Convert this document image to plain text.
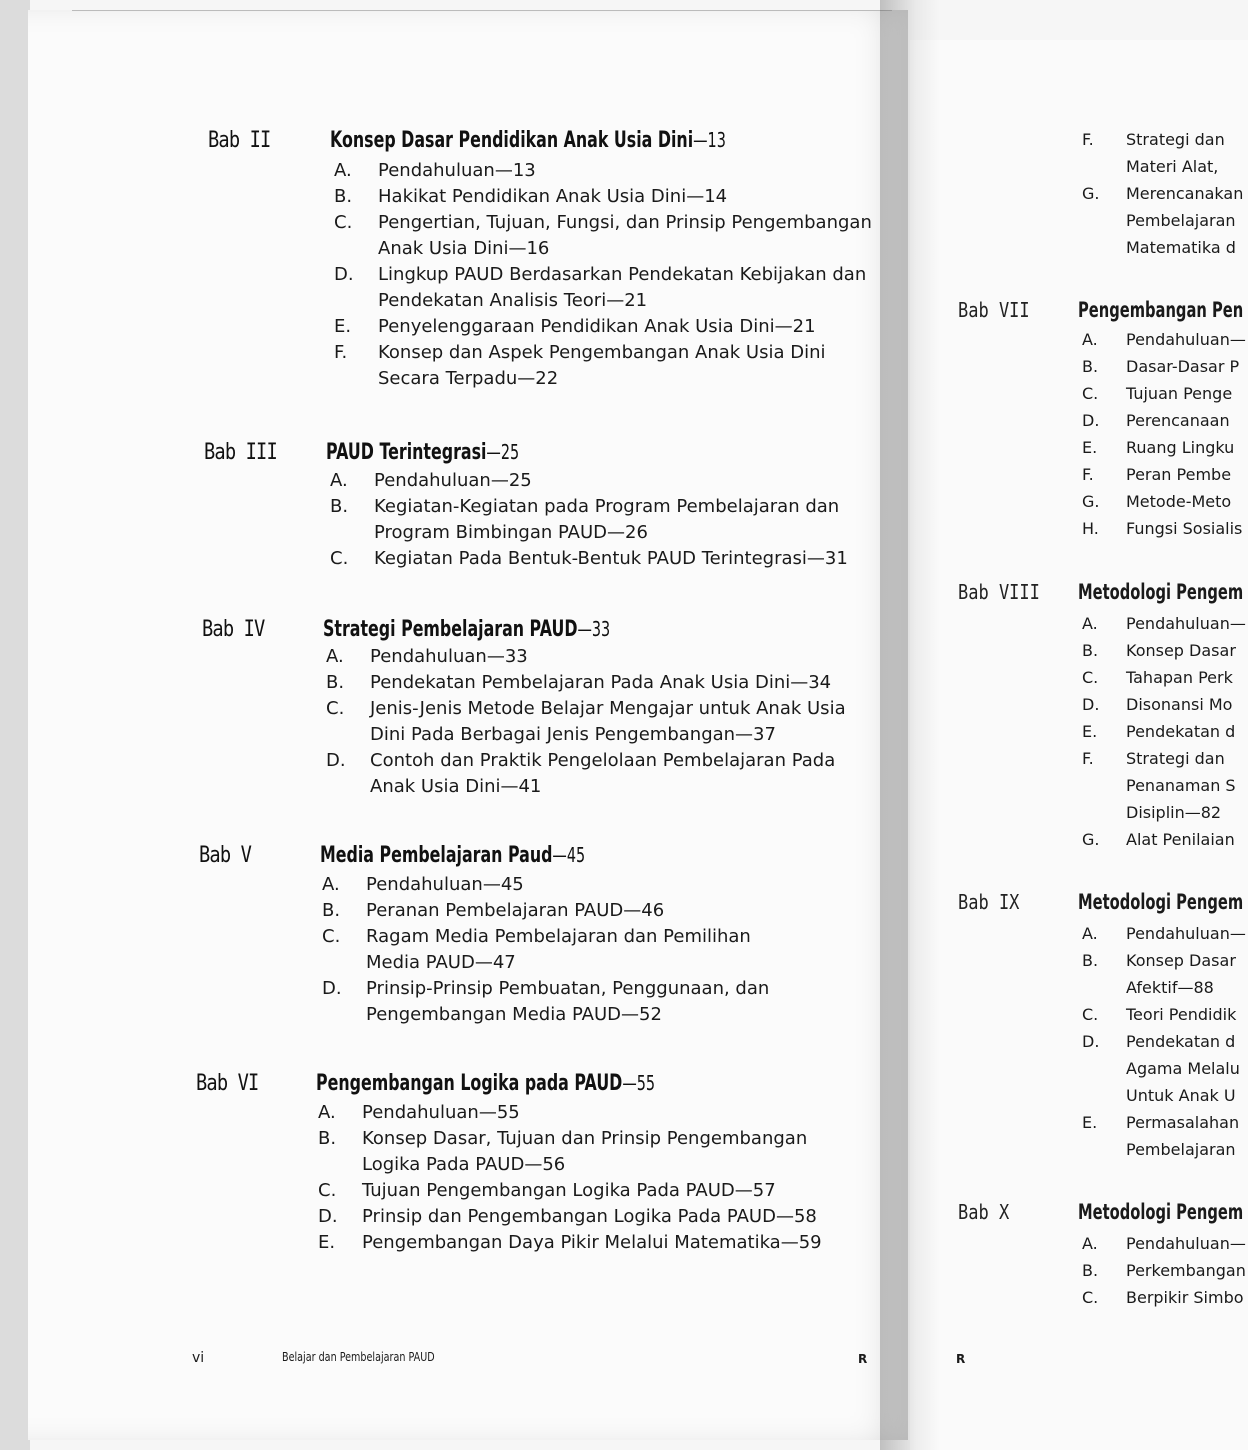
Bab II	Konsep Dasar Pendidikan Anak Usia Dini—13
A. Pendahuluan—13
B. Hakikat Pendidikan Anak Usia Dini—14
C. Pengertian, Tujuan, Fungsi, dan Prinsip Pengembangan
Anak Usia Dini—16
D. Lingkup PAUD Berdasarkan Pendekatan Kebijakan dan
Pendekatan Analisis Teori—21
E. Penyelenggaraan Pendidikan Anak Usia Dini—21
F. Konsep dan Aspek Pengembangan Anak Usia Dini
Secara Terpadu—22
Bab III PAUD Terintegrasi—25
A. Pendahuluan—25
B. Kegiatan-Kegiatan pada Program Pembelajaran dan
Program Bimbingan PAUD—26
C. Kegiatan Pada Bentuk-Bentuk PAUD Terintegrasi—31
Bab IV	Strategi Pembelajaran PAUD—33
A. Pendahuluan—33
B. Pendekatan Pembelajaran Pada Anak Usia Dini—34
C. Jenis-Jenis Metode Belajar Mengajar untuk Anak Usia
Dini Pada Berbagai Jenis Pengembangan—37
D. Contoh dan Praktik Pengelolaan Pembelajaran Pada
Anak Usia Dini—41
Bab V	Media Pembelajaran Paud—45
A. Pendahuluan—45
B. Peranan Pembelajaran PAUD—46
C. Ragam Media Pembelajaran dan Pemilihan
Media PAUD—47
D. Prinsip-Prinsip Pembuatan, Penggunaan, dan
Pengembangan Media PAUD—52
Bab VI	Pengembangan Logika pada PAUD—55
A. Pendahuluan—55
B. Konsep Dasar, Tujuan dan Prinsip Pengembangan
Logika Pada PAUD—56
C. Tujuan Pengembangan Logika Pada PAUD—57
D. Prinsip dan Pengembangan Logika Pada PAUD—58
E. Pengembangan Daya Pikir Melalui Matematika—59
F. Strategi dan
Materi Alat,
G. Merencanakan
Pembelajaran
Matematika d
Bab VII Pengembangan Pen
A. Pendahuluan—
B. Dasar-Dasar P
C. Tujuan Penge
D. Perencanaan
E. Ruang Lingku
F. Peran Pembe
G. Metode-Meto
H. Fungsi Sosialis
Bab VIII Metodologi Pengem
A. Pendahuluan—
B. Konsep Dasar
C. Tahapan Perk
D. Disonansi Mo
E. Pendekatan d
F. Strategi dan
Penanaman S
Disiplin—82
G. Alat Penilaian
Bab IX	Metodologi Pengem
A. Pendahuluan—
B. Konsep Dasar
Afektif—88
C. Teori Pendidik
D. Pendekatan d
Agama Melalu
Untuk Anak U
E. Permasalahan
Pembelajaran
Bab X	Metodologi Pengem
A. Pendahuluan—
B. Perkembangan
C. Berpikir Simbo
vi	Belajar dan Pembelajaran PAUD	R	R
